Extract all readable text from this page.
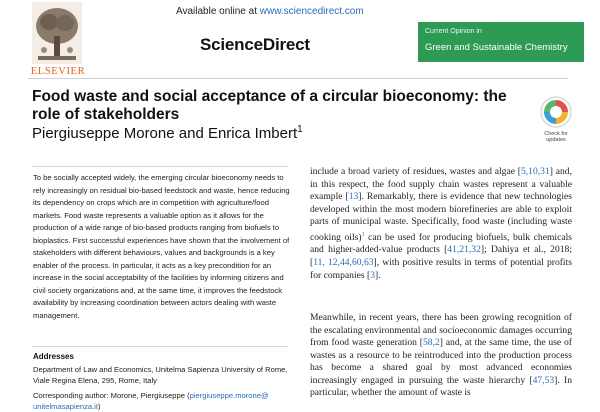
ELSEVIER
Available online at www.sciencedirect.com
ScienceDirect
Current Opinion in
Green and Sustainable Chemistry
Food waste and social acceptance of a circular bioeconomy: the role of stakeholders
Piergiuseppe Morone and Enrica Imbert$^1$	Check for updates
To be socially accepted widely, the emerging circular bioeconomy needs to rely increasingly on residual bio-based feedstock and waste, hence reducing its dependency on crops which are in competition with agriculture/food markets. Food waste represents a valuable option as it allows for the production of a wide range of bio-based products ranging from biofuels to bioplastics. First successful experiences have shown that the involvement of stakeholders with different behaviours, values and backgrounds is a key enabler of the process. In particular, it acts as a key precondition for an increase in the social acceptability of the facilities by informing citizens and civil society organizations and, at the same time, it improves the feedstock availability by increasing coordination between actors dealing with waste management.
Addresses
Department of Law and Economics, Unitelma Sapienza University of Rome, Viale Regina Elena, 295, Rome, Italy
Corresponding author: Morone, Piergiuseppe (piergiuseppe.morone@ unitelmasapienza.it)
include a broad variety of residues, wastes and algae [5,10,31] and, in this respect, the food supply chain wastes represent a valuable example [13]. Remarkably, there is evidence that new technologies developed within the most modern biorefineries are able to exploit parts of municipal waste. Specifically, food waste (including waste cooking oils)$^1$ can be used for producing biofuels, bulk chemicals and higher-added-value products [41,21,32]; Dahiya et al., 2018; [11, 12,44,60,63], with positive results in terms of potential profits for companies [3].
Meanwhile, in recent years, there has been growing recognition of the escalating environmental and socioeconomic damages occurring from food waste generation [58,2] and, at the same time, the use of wastes as a resource to be reintroduced into the production process has become a shared goal by most advanced economies increasingly engaged in pursuing the waste hierarchy [47,53]. In particular, whether the amount of waste is
